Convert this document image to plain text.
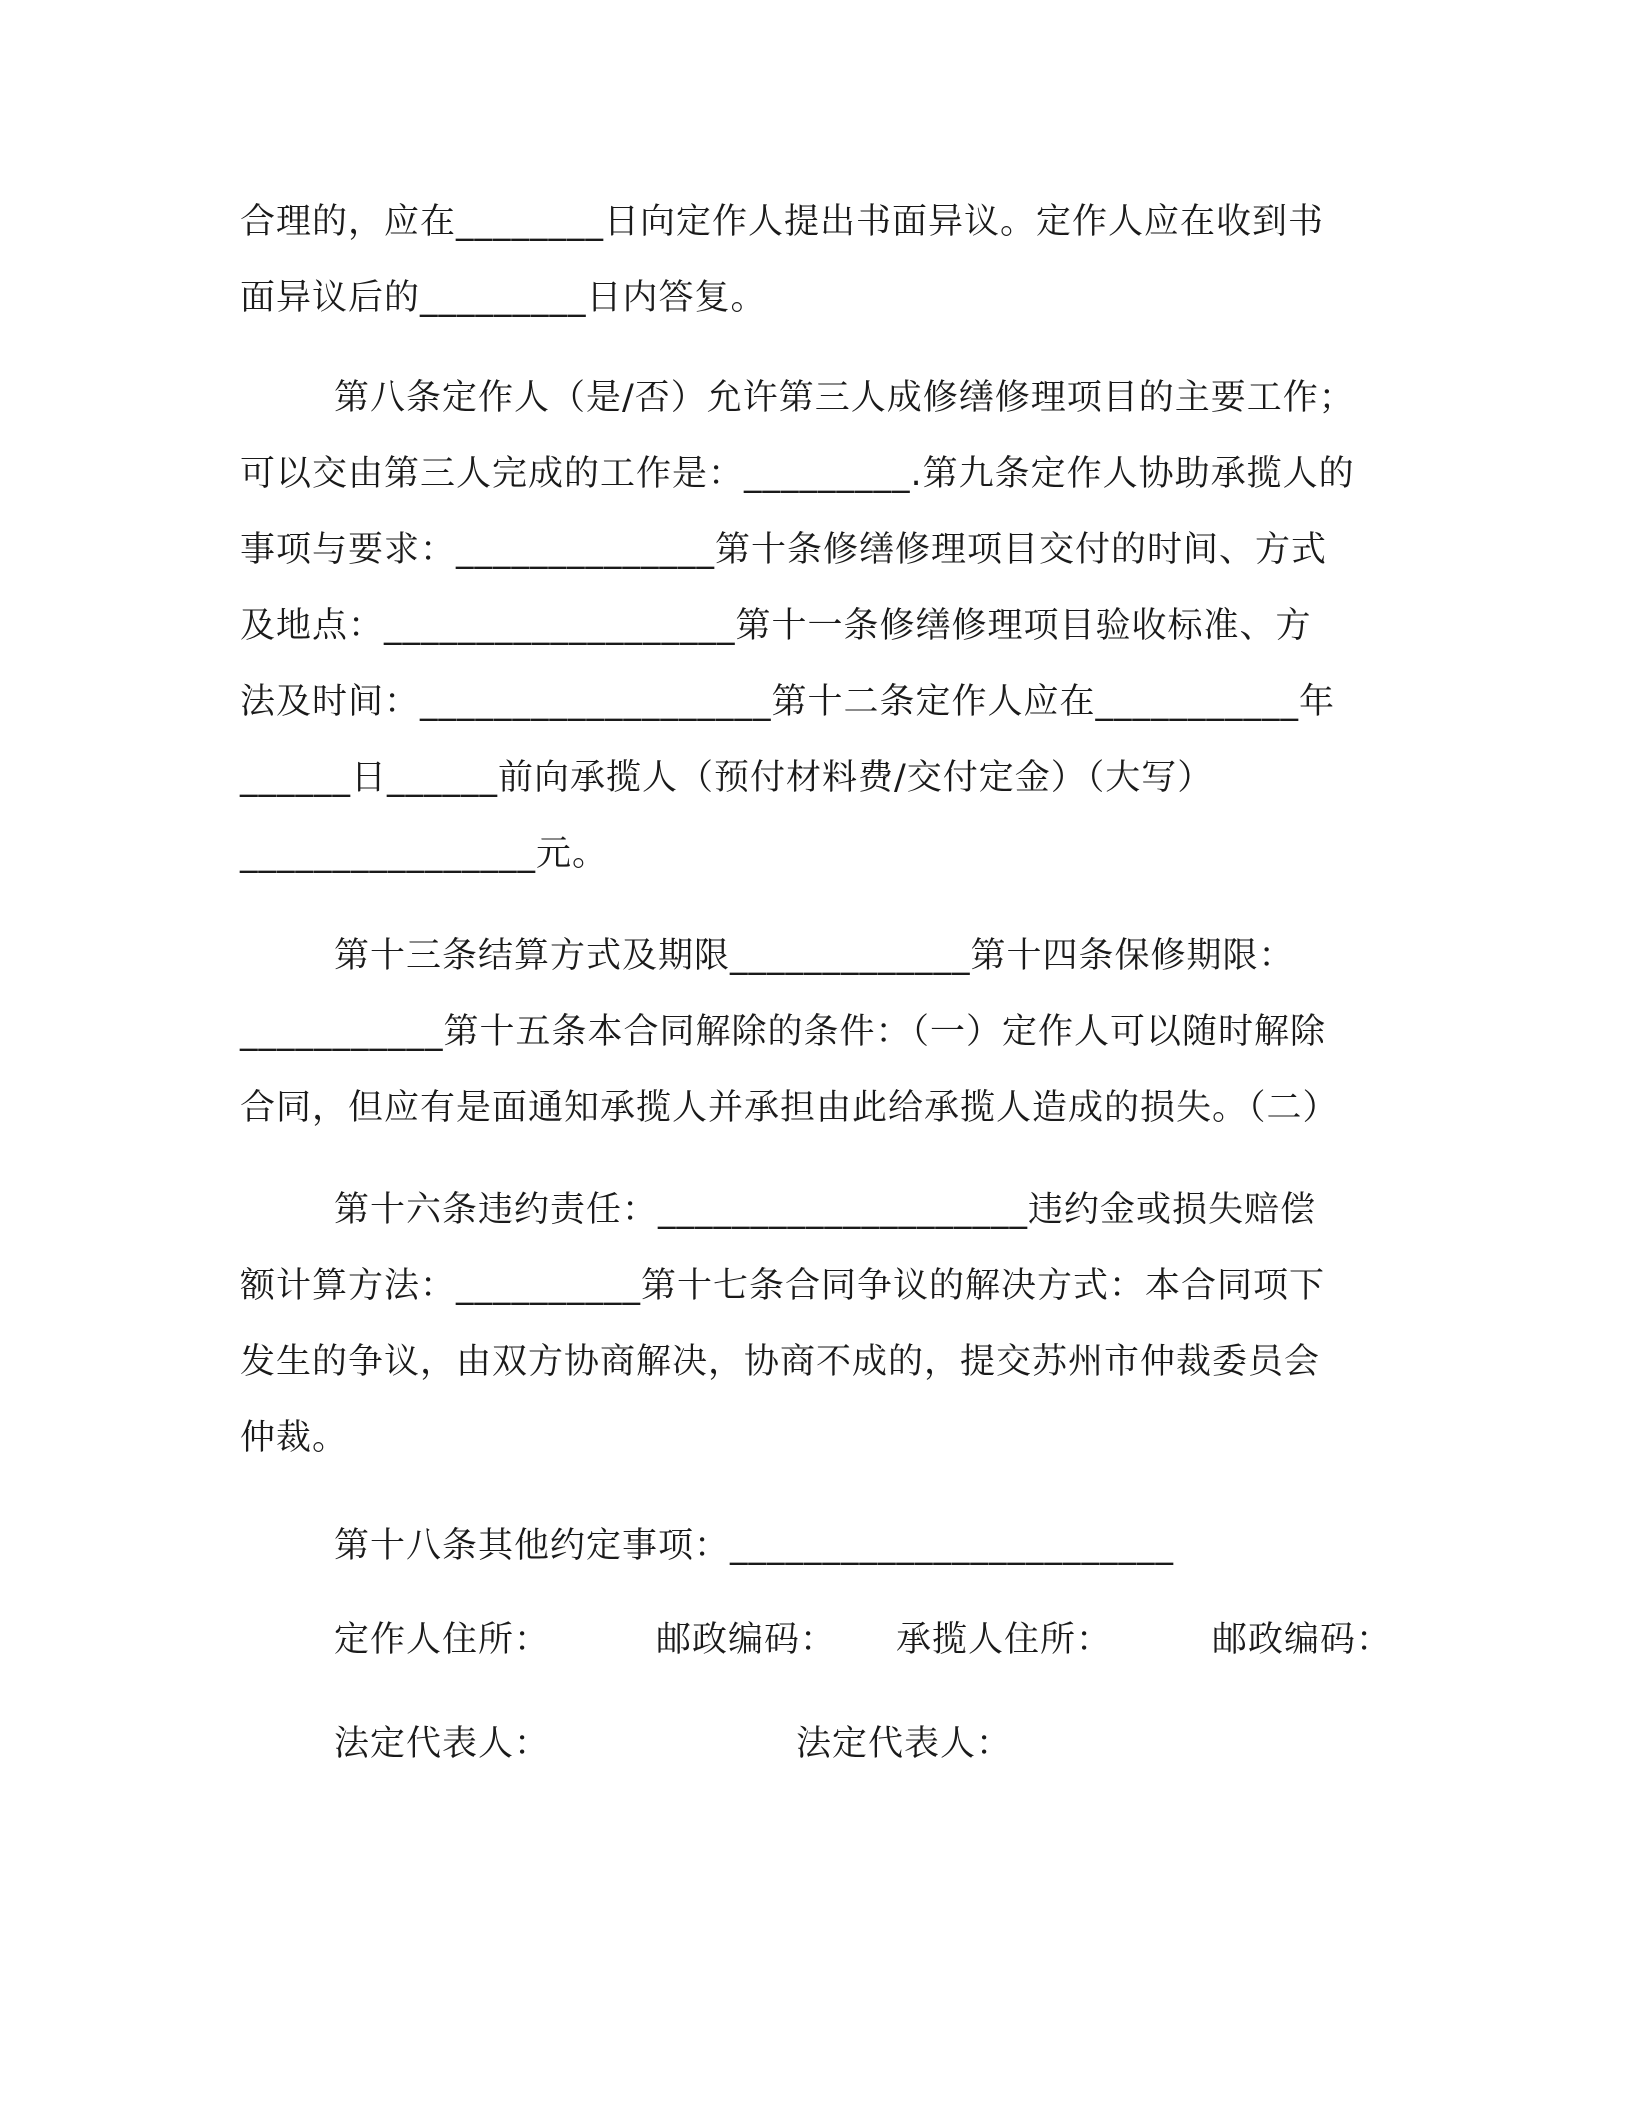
合理的，应在________日向定作人提出书面异议。定作人应在收到书
面异议后的_________日内答复。
第八条定作人（是/否）允许第三人成修缮修理项目的主要工作；
可以交由第三人完成的工作是：_________.第九条定作人协助承揽人的
事项与要求：______________第十条修缮修理项目交付的时间、方式
及地点：___________________第十一条修缮修理项目验收标准、方
法及时间：___________________第十二条定作人应在___________年
______日______前向承揽人（预付材料费/交付定金）（大写）
________________元。
第十三条结算方式及期限_____________第十四条保修期限：
___________第十五条本合同解除的条件：（一）定作人可以随时解除
合同，但应有是面通知承揽人并承担由此给承揽人造成的损失。（二）
第十六条违约责任：____________________违约金或损失赔偿
额计算方法：__________第十七条合同争议的解决方式：本合同项下
发生的争议，由双方协商解决，协商不成的，提交苏州市仲裁委员会
仲裁。
第十八条其他约定事项：________________________
定作人住所：	邮政编码： 承揽人住所：	邮政编码：
法定代表人：	法定代表人：
